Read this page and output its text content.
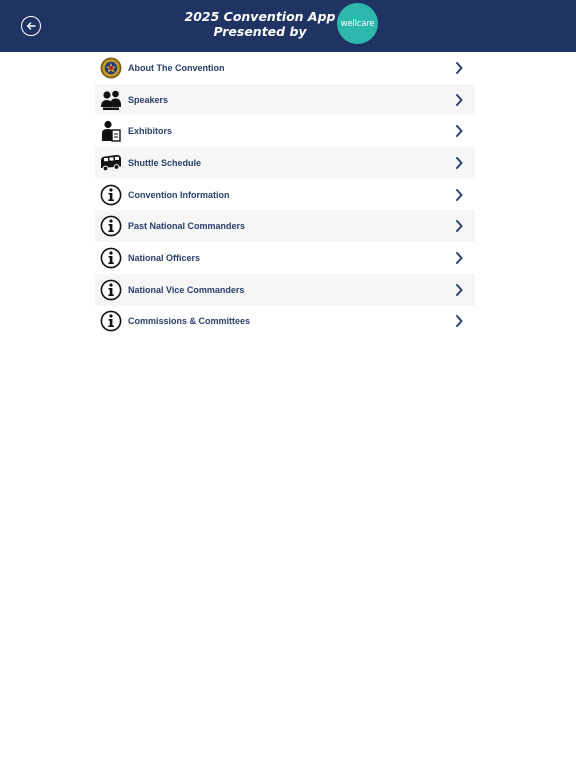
2025 Convention App
Presented by
wellcare
About The Convention
Speakers
Exhibitors
Shuttle Schedule
Convention Information
Past National Commanders
National Officers
National Vice Commanders
Commissions & Committees
